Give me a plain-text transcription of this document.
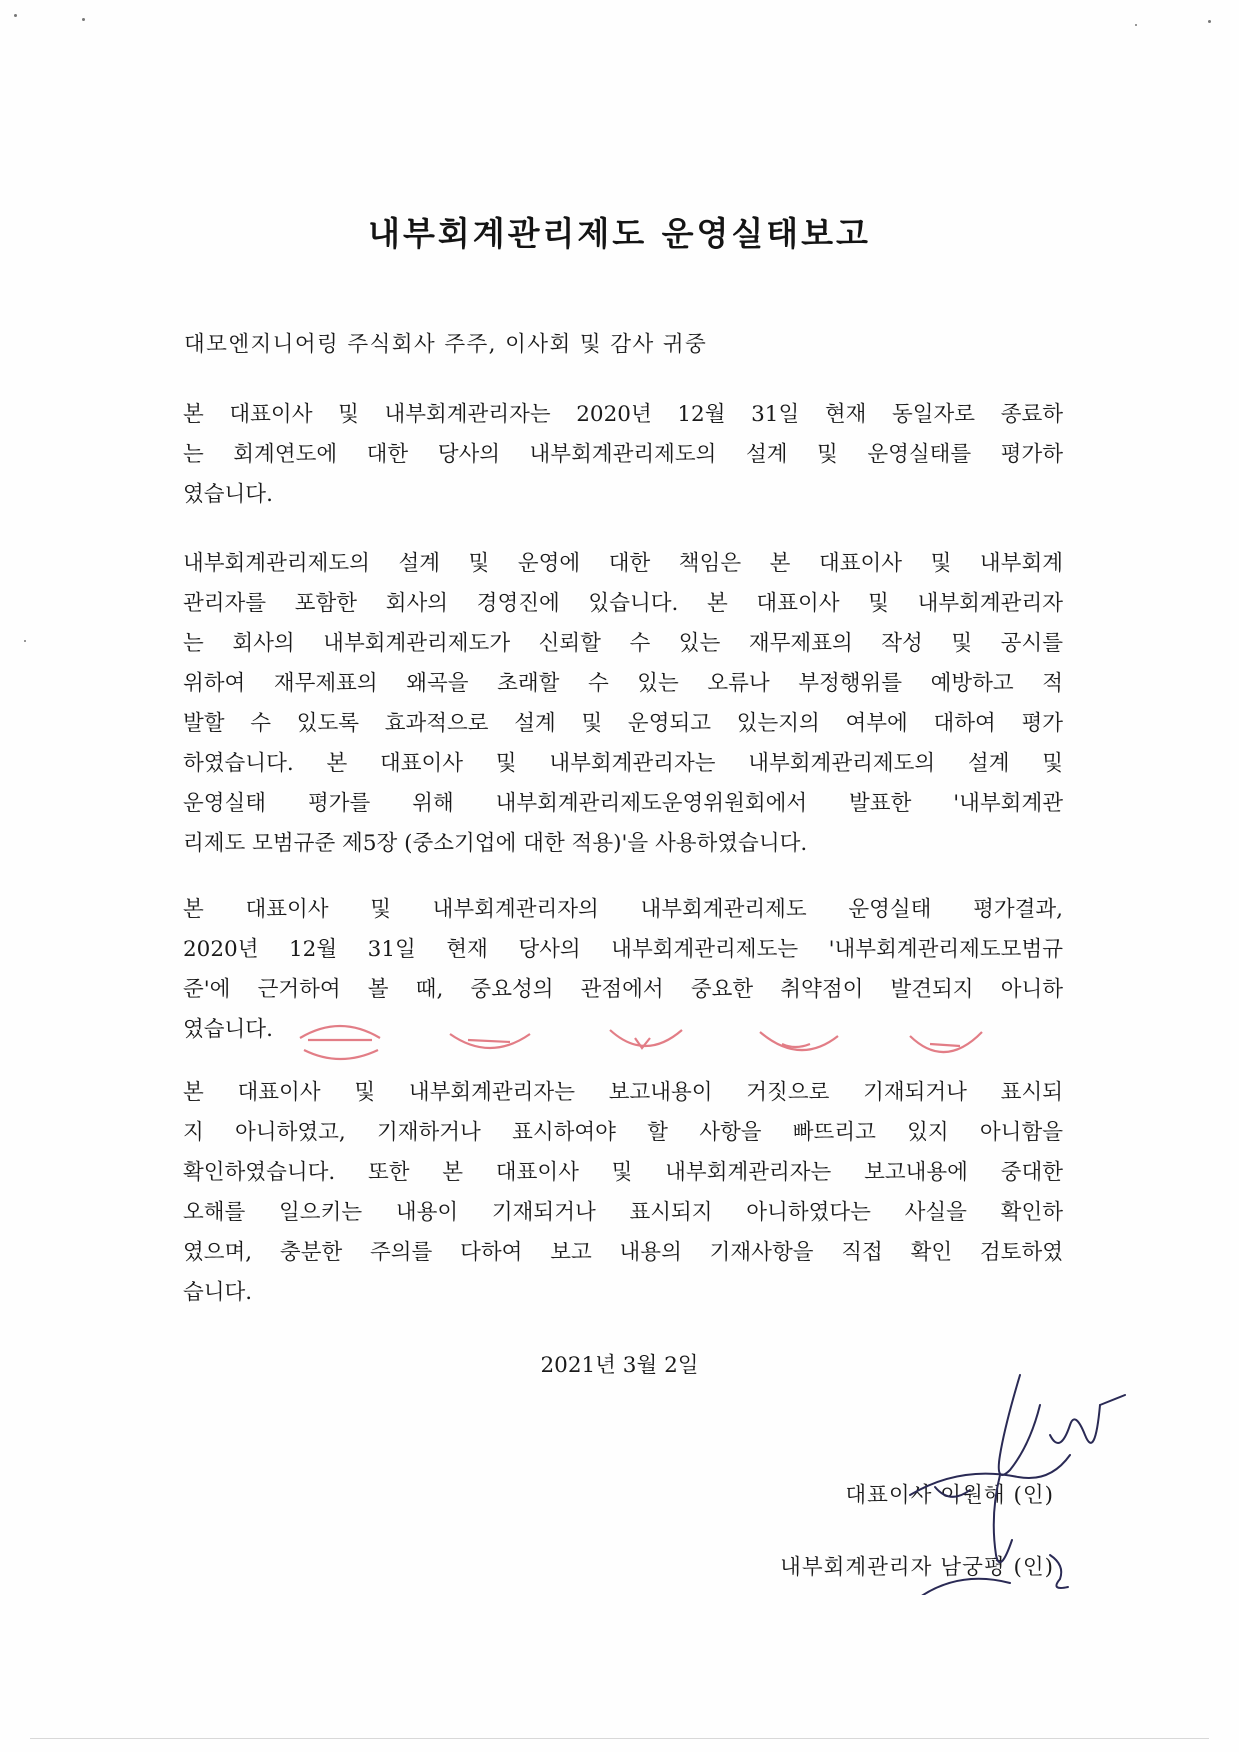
내부회계관리제도 운영실태보고
대모엔지니어링 주식회사 주주, 이사회 및 감사 귀중
본 대표이사 및 내부회계관리자는 2020년 12월 31일 현재 동일자로 종료하
는 회계연도에 대한 당사의 내부회계관리제도의 설계 및 운영실태를 평가하
였습니다.
내부회계관리제도의 설계 및 운영에 대한 책임은 본 대표이사 및 내부회계
관리자를 포함한 회사의 경영진에 있습니다. 본 대표이사 및 내부회계관리자
는 회사의 내부회계관리제도가 신뢰할 수 있는 재무제표의 작성 및 공시를
위하여 재무제표의 왜곡을 초래할 수 있는 오류나 부정행위를 예방하고 적
발할 수 있도록 효과적으로 설계 및 운영되고 있는지의 여부에 대하여 평가
하였습니다. 본 대표이사 및 내부회계관리자는 내부회계관리제도의 설계 및
운영실태 평가를 위해 내부회계관리제도운영위원회에서 발표한 '내부회계관
리제도 모범규준 제5장 (중소기업에 대한 적용)'을 사용하였습니다.
본 대표이사 및 내부회계관리자의 내부회계관리제도 운영실태 평가결과,
2020년 12월 31일 현재 당사의 내부회계관리제도는 '내부회계관리제도모범규
준'에 근거하여 볼 때, 중요성의 관점에서 중요한 취약점이 발견되지 아니하
였습니다.
본 대표이사 및 내부회계관리자는 보고내용이 거짓으로 기재되거나 표시되
지 아니하였고, 기재하거나 표시하여야 할 사항을 빠뜨리고 있지 아니함을
확인하였습니다. 또한 본 대표이사 및 내부회계관리자는 보고내용에 중대한
오해를 일으키는 내용이 기재되거나 표시되지 아니하였다는 사실을 확인하
였으며, 충분한 주의를 다하여 보고 내용의 기재사항을 직접 확인 검토하였
습니다.
2021년 3월 2일
대표이사 이원해 (인)
내부회계관리자 남궁평 (인)
